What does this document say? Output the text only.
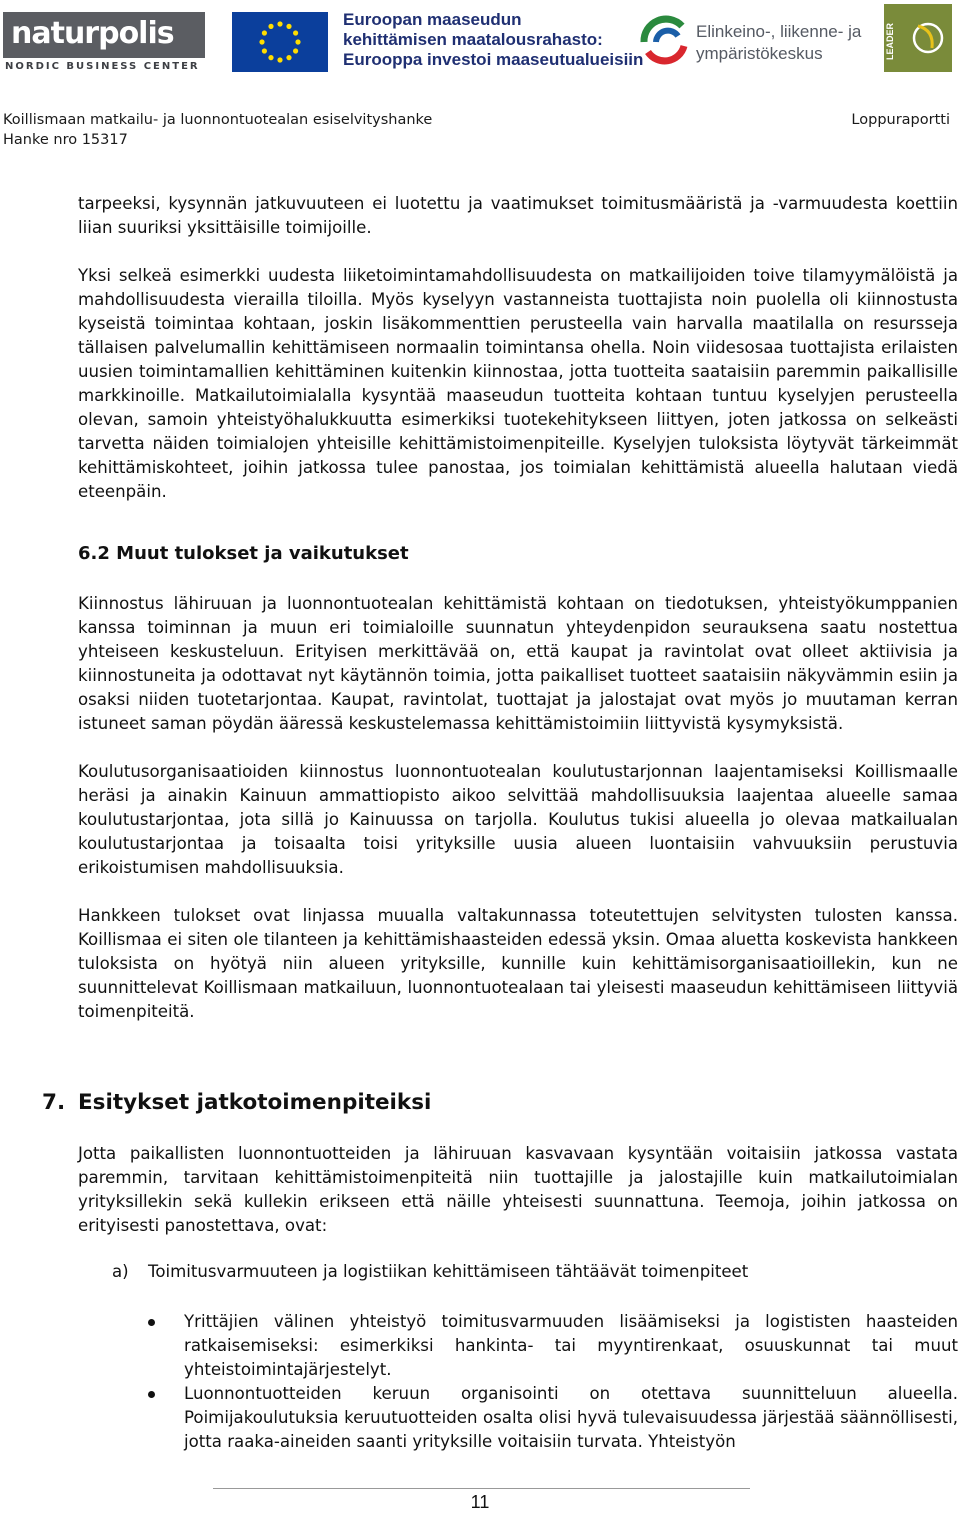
naturpolis
NORDIC BUSINESS CENTER
Euroopan maaseudun
kehittämisen maatalousrahasto:
Eurooppa investoi maaseutualueisiin
Elinkeino-, liikenne- ja
ympäristökeskus	LEADER
Koillismaan matkailu- ja luonnontuotealan esiselvityshanke
Hanke nro 15317
Loppuraportti

tarpeeksi, kysynnän jatkuvuuteen ei luotettu ja vaatimukset toimitusmääristä ja -varmuudesta koettiin liian suuriksi yksittäisille toimijoille.

Yksi selkeä esimerkki uudesta liiketoimintamahdollisuudesta on matkailijoiden toive tilamyymälöistä ja mahdollisuudesta vierailla tiloilla. Myös kyselyyn vastanneista tuottajista noin puolella oli kiinnostusta kyseistä toimintaa kohtaan, joskin lisäkommenttien perusteella vain harvalla maatilalla on resursseja tällaisen palvelumallin kehittämiseen normaalin toimintansa ohella. Noin viidesosaa tuottajista erilaisten uusien toimintamallien kehittäminen kuitenkin kiinnostaa, jotta tuotteita saataisiin paremmin paikallisille markkinoille. Matkailutoimialalla kysyntää maaseudun tuotteita kohtaan tuntuu kyselyjen perusteella olevan, samoin yhteistyöhalukkuutta esimerkiksi tuotekehitykseen liittyen, joten jatkossa on selkeästi tarvetta näiden toimialojen yhteisille kehittämistoimenpiteille. Kyselyjen tuloksista löytyvät tärkeimmät kehittämiskohteet, joihin jatkossa tulee panostaa, jos toimialan kehittämistä alueella halutaan viedä eteenpäin.

6.2 Muut tulokset ja vaikutukset

Kiinnostus lähiruuan ja luonnontuotealan kehittämistä kohtaan on tiedotuksen, yhteistyökumppanien kanssa toiminnan ja muun eri toimialoille suunnatun yhteydenpidon seurauksena saatu nostettua yhteiseen keskusteluun. Erityisen merkittävää on, että kaupat ja ravintolat ovat olleet aktiivisia ja kiinnostuneita ja odottavat nyt käytännön toimia, jotta paikalliset tuotteet saataisiin näkyvämmin esiin ja osaksi niiden tuotetarjontaa. Kaupat, ravintolat, tuottajat ja jalostajat ovat myös jo muutaman kerran istuneet saman pöydän ääressä keskustelemassa kehittämistoimiin liittyvistä kysymyksistä.

Koulutusorganisaatioiden kiinnostus luonnontuotealan koulutustarjonnan laajentamiseksi Koillismaalle heräsi ja ainakin Kainuun ammattiopisto aikoo selvittää mahdollisuuksia laajentaa alueelle samaa koulutustarjontaa, jota sillä jo Kainuussa on tarjolla. Koulutus tukisi alueella jo olevaa matkailualan koulutustarjontaa ja toisaalta toisi yrityksille uusia alueen luontaisiin vahvuuksiin perustuvia erikoistumisen mahdollisuuksia.

Hankkeen tulokset ovat linjassa muualla valtakunnassa toteutettujen selvitysten tulosten kanssa. Koillismaa ei siten ole tilanteen ja kehittämishaasteiden edessä yksin. Omaa aluetta koskevista hankkeen tuloksista on hyötyä niin alueen yrityksille, kunnille kuin kehittämisorganisaatioillekin, kun ne suunnittelevat Koillismaan matkailuun, luonnontuotealaan tai yleisesti maaseudun kehittämiseen liittyviä toimenpiteitä.

7. Esitykset jatkotoimenpiteiksi

Jotta paikallisten luonnontuotteiden ja lähiruuan kasvavaan kysyntään voitaisiin jatkossa vastata paremmin, tarvitaan kehittämistoimenpiteitä niin tuottajille ja jalostajille kuin matkailutoimialan yrityksillekin sekä kullekin erikseen että näille yhteisesti suunnattuna. Teemoja, joihin jatkossa on erityisesti panostettava, ovat:

a) Toimitusvarmuuteen ja logistiikan kehittämiseen tähtäävät toimenpiteet

Yrittäjien välinen yhteistyö toimitusvarmuuden lisäämiseksi ja logististen haasteiden ratkaisemiseksi: esimerkiksi hankinta- tai myyntirenkaat, osuuskunnat tai muut yhteistoimintajärjestelyt.

Luonnontuotteiden keruun organisointi on otettava suunnitteluun alueella. Poimijakoulutuksia keruutuotteiden osalta olisi hyvä tulevaisuudessa järjestää säännöllisesti, jotta raaka-aineiden saanti yrityksille voitaisiin turvata. Yhteistyön

11
